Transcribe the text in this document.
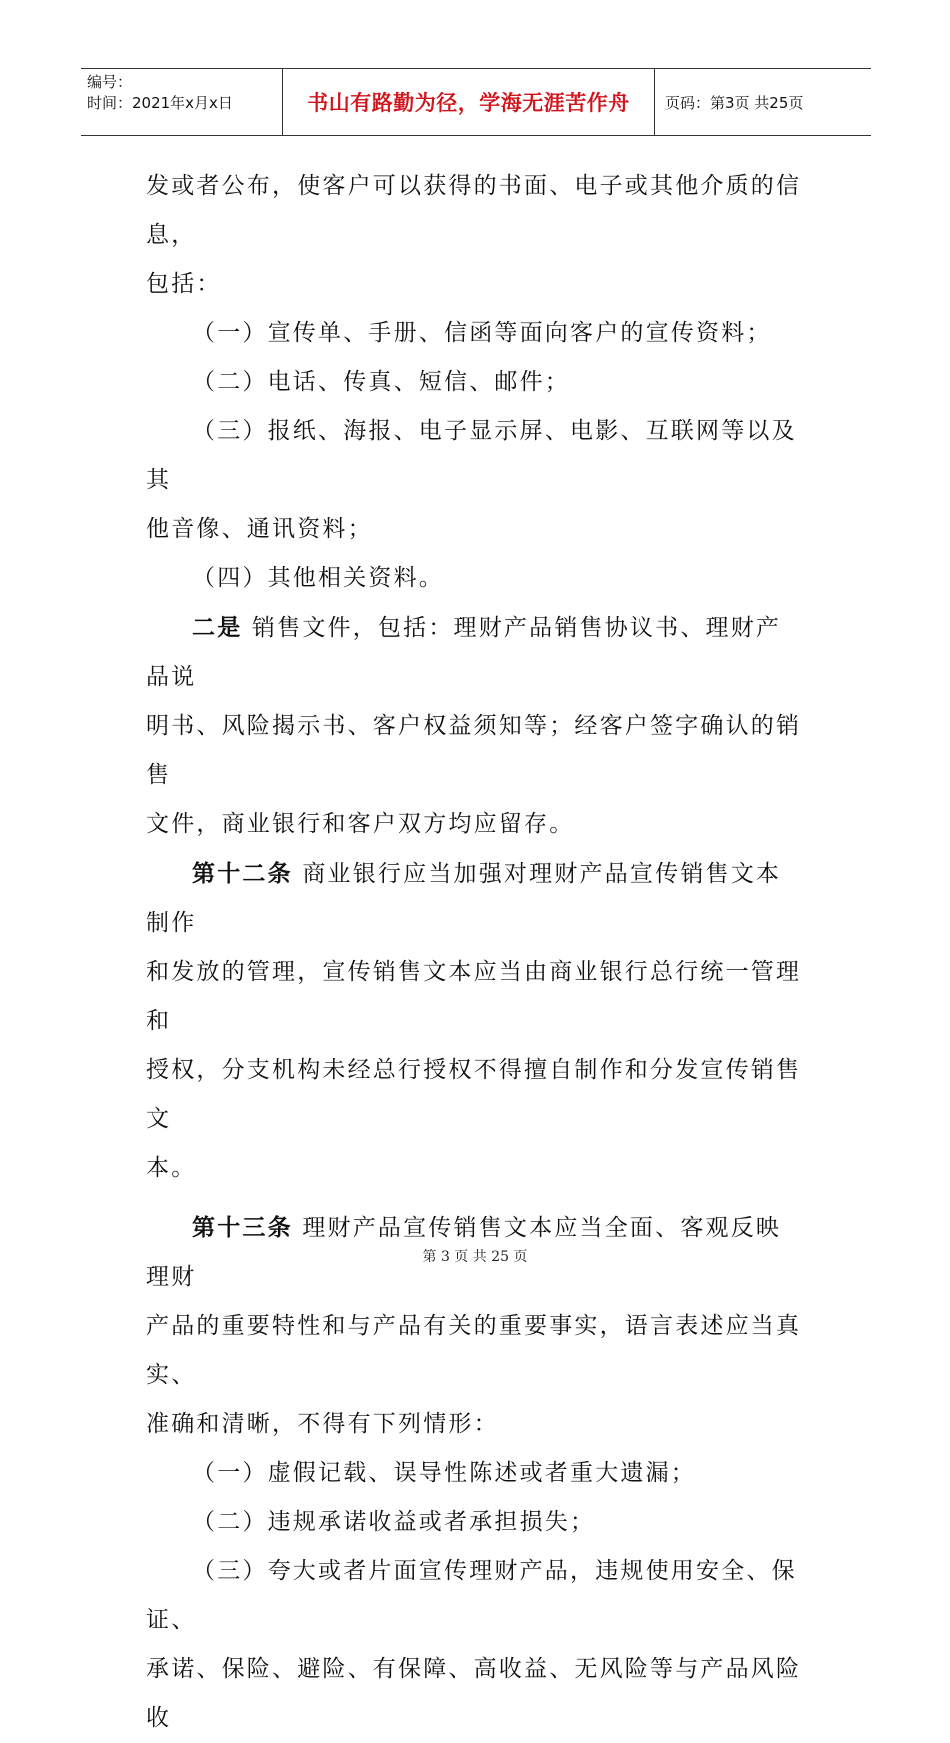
编号：
时间：2021年x月x日	书山有路勤为径，学海无涯苦作舟	页码：第3页 共25页

发或者公布，使客户可以获得的书面、电子或其他介质的信息，

包括：

（一）宣传单、手册、信函等面向客户的宣传资料；

（二）电话、传真、短信、邮件；

（三）报纸、海报、电子显示屏、电影、互联网等以及其

他音像、通讯资料；

（四）其他相关资料。

二是 销售文件，包括：理财产品销售协议书、理财产品说

明书、风险揭示书、客户权益须知等；经客户签字确认的销售

文件，商业银行和客户双方均应留存。

第十二条 商业银行应当加强对理财产品宣传销售文本制作

和发放的管理，宣传销售文本应当由商业银行总行统一管理和

授权，分支机构未经总行授权不得擅自制作和分发宣传销售文

本。

第十三条 理财产品宣传销售文本应当全面、客观反映理财

产品的重要特性和与产品有关的重要事实，语言表述应当真实、

准确和清晰，不得有下列情形：

（一）虚假记载、误导性陈述或者重大遗漏；

（二）违规承诺收益或者承担损失；

（三）夸大或者片面宣传理财产品，违规使用安全、保证、

承诺、保险、避险、有保障、高收益、无风险等与产品风险收

第 3 页 共 25 页
